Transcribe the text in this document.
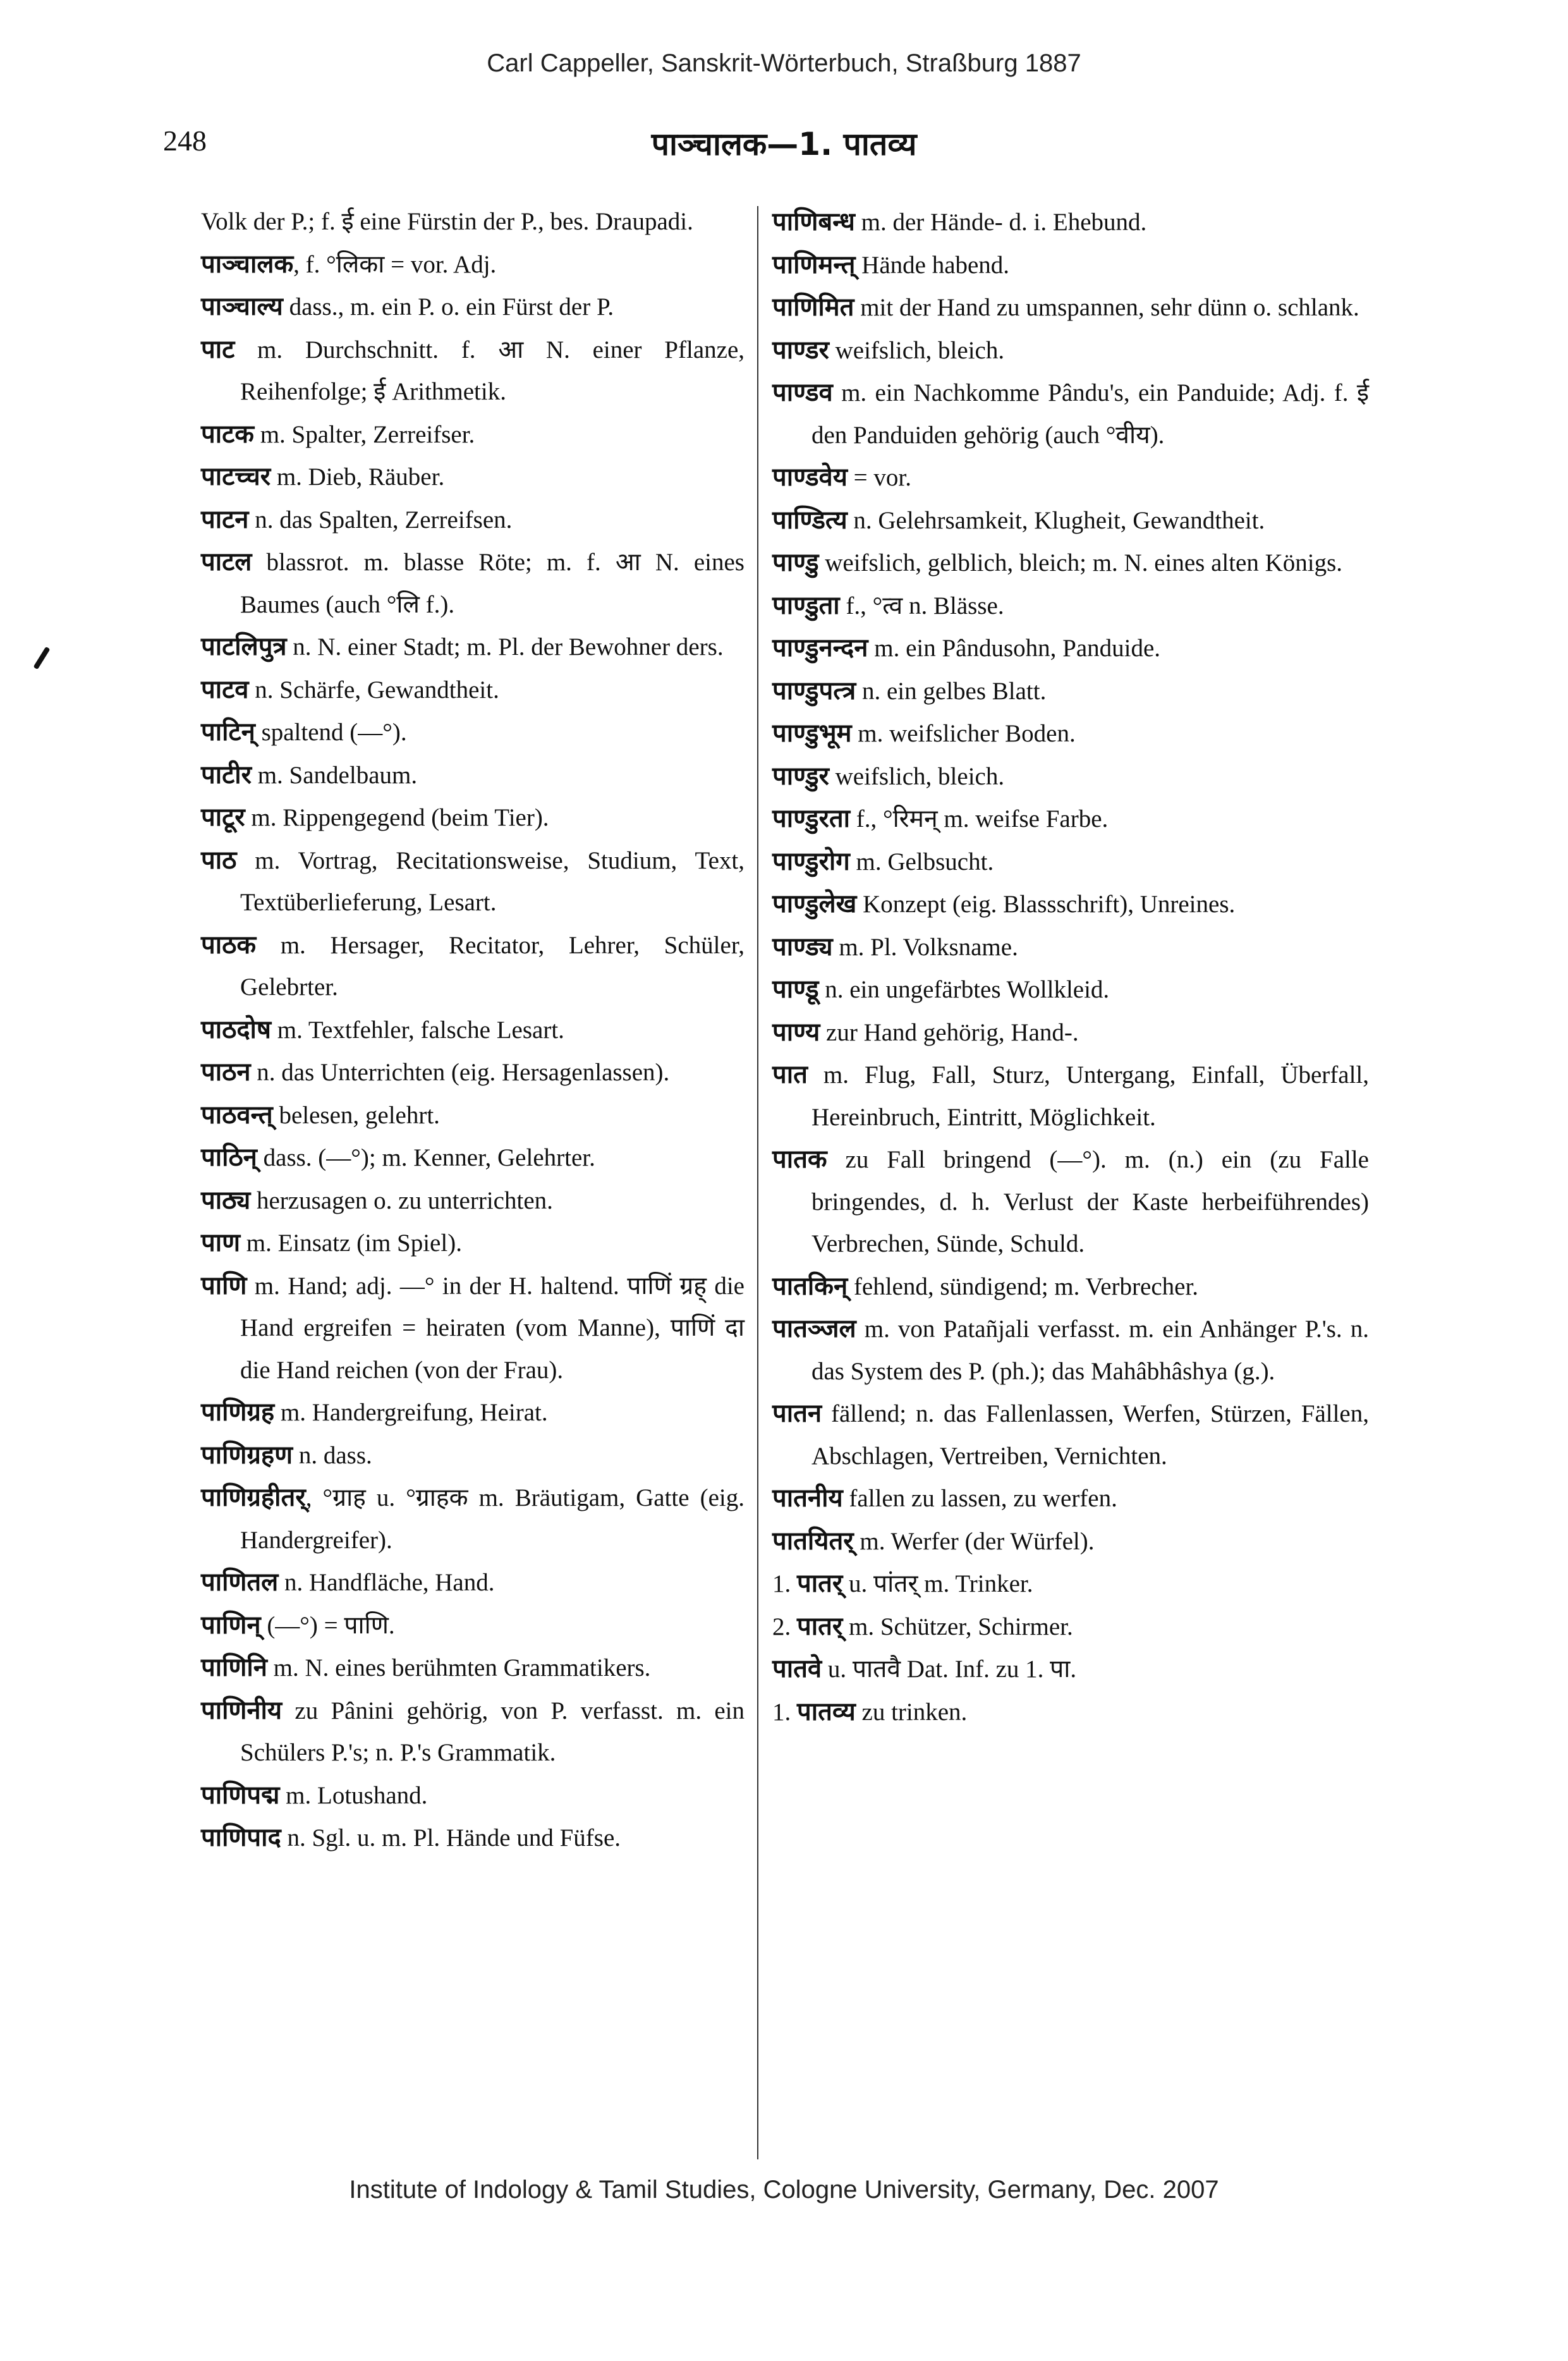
Carl Cappeller, Sanskrit-Wörterbuch, Straßburg 1887
248	पाञ्चालक—1. पातव्य

Volk der P.; f. ई eine Fürstin der P., bes. Draupadi.

पाञ्चालक, f. °लिका = vor. Adj.

पाञ्चाल्य dass., m. ein P. o. ein Fürst der P.

पाट m. Durchschnitt. f. आ N. einer Pflanze, Reihenfolge; ई Arithmetik.

पाटक m. Spalter, Zerreifser.

पाटच्चर m. Dieb, Räuber.

पाटन n. das Spalten, Zerreifsen.

पाटल blassrot. m. blasse Röte; m. f. आ N. eines Baumes (auch °लि f.).

पाटलिपुत्र n. N. einer Stadt; m. Pl. der Bewohner ders.

पाटव n. Schärfe, Gewandtheit.

पाटिन् spaltend (—°).

पाटीर m. Sandelbaum.

पाटूर m. Rippengegend (beim Tier).

पाठ m. Vortrag, Recitationsweise, Studium, Text, Textüberlieferung, Lesart.

पाठक m. Hersager, Recitator, Lehrer, Schüler, Gelebrter.

पाठदोष m. Textfehler, falsche Lesart.

पाठन n. das Unterrichten (eig. Hersagenlassen).

पाठवन्त् belesen, gelehrt.

पाठिन् dass. (—°); m. Kenner, Gelehrter.

पाठ्य herzusagen o. zu unterrichten.

पाण m. Einsatz (im Spiel).

पाणि m. Hand; adj. —° in der H. haltend. पाणिं ग्रह् die Hand ergreifen = heiraten (vom Manne), पाणिं दा die Hand reichen (von der Frau).

पाणिग्रह m. Handergreifung, Heirat.

पाणिग्रहण n. dass.

पाणिग्रहीतर्, °ग्राह u. °ग्राहक m. Bräutigam, Gatte (eig. Handergreifer).

पाणितल n. Handfläche, Hand.

पाणिन् (—°) = पाणि.

पाणिनि m. N. eines berühmten Grammatikers.

पाणिनीय zu Pânini gehörig, von P. verfasst. m. ein Schülers P.'s; n. P.'s Grammatik.

पाणिपद्म m. Lotushand.

पाणिपाद n. Sgl. u. m. Pl. Hände und Füfse.

पाणिबन्ध m. der Hände- d. i. Ehebund.

पाणिमन्त् Hände habend.

पाणिमित mit der Hand zu umspannen, sehr dünn o. schlank.

पाण्डर weifslich, bleich.

पाण्डव m. ein Nachkomme Pându's, ein Panduide; Adj. f. ई den Panduiden gehörig (auch °वीय).

पाण्डवेय = vor.

पाण्डित्य n. Gelehrsamkeit, Klugheit, Gewandtheit.

पाण्डु weifslich, gelblich, bleich; m. N. eines alten Königs.

पाण्डुता f., °त्व n. Blässe.

पाण्डुनन्दन m. ein Pândusohn, Panduide.

पाण्डुपत्त्र n. ein gelbes Blatt.

पाण्डुभूम m. weifslicher Boden.

पाण्डुर weifslich, bleich.

पाण्डुरता f., °रिमन् m. weifse Farbe.

पाण्डुरोग m. Gelbsucht.

पाण्डुलेख Konzept (eig. Blassschrift), Unreines.

पाण्ड्य m. Pl. Volksname.

पाण्डू n. ein ungefärbtes Wollkleid.

पाण्य zur Hand gehörig, Hand-.

पात m. Flug, Fall, Sturz, Untergang, Einfall, Überfall, Hereinbruch, Eintritt, Möglichkeit.

पातक zu Fall bringend (—°). m. (n.) ein (zu Falle bringendes, d. h. Verlust der Kaste herbeiführendes) Verbrechen, Sünde, Schuld.

पातकिन् fehlend, sündigend; m. Verbrecher.

पातञ्जल m. von Patañjali verfasst. m. ein Anhänger P.'s. n. das System des P. (ph.); das Mahâbhâshya (g.).

पातन fällend; n. das Fallenlassen, Werfen, Stürzen, Fällen, Abschlagen, Vertreiben, Vernichten.

पातनीय fallen zu lassen, zu werfen.

पातयितर् m. Werfer (der Würfel).

1. पातर् u. पांतर् m. Trinker.

2. पातर् m. Schützer, Schirmer.

पातवे u. पातवै Dat. Inf. zu 1. पा.

1. पातव्य zu trinken.

Institute of Indology & Tamil Studies, Cologne University, Germany, Dec. 2007
